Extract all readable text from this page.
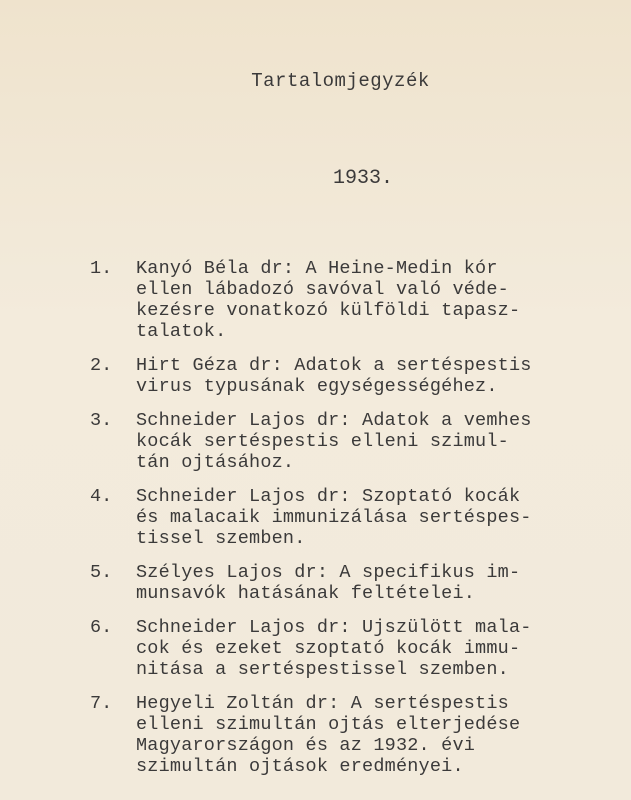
Tartalomjegyzék
1933.
1.	Kanyó Béla dr: A Heine-Medin kór
ellen lábadozó savóval való véde-
kezésre vonatkozó külföldi tapasz-
talatok.
2.	Hirt Géza dr: Adatok a sertéspestis
virus typusának egységességéhez.
3.	Schneider Lajos dr: Adatok a vemhes
kocák sertéspestis elleni szimul-
tán ojtásához.
4.	Schneider Lajos dr: Szoptató kocák
és malacaik immunizálása sertéspes-
tissel szemben.
5.	Szélyes Lajos dr: A specifikus im-
munsavók hatásának feltételei.
6.	Schneider Lajos dr: Ujszülött mala-
cok és ezeket szoptató kocák immu-
nitása a sertéspestissel szemben.
7.	Hegyeli Zoltán dr: A sertéspestis
elleni szimultán ojtás elterjedése
Magyarországon és az 1932. évi
szimultán ojtások eredményei.
